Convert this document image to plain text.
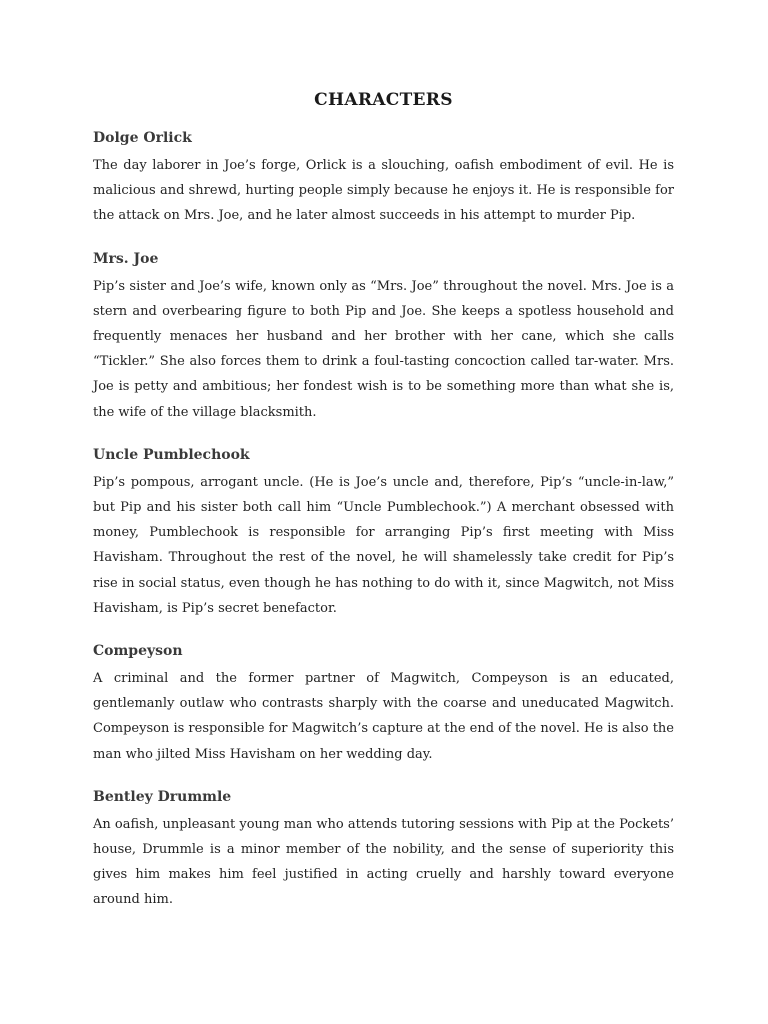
CHARACTERS
Dolge Orlick

The day laborer in Joe’s forge, Orlick is a slouching, oafish embodiment of evil. He is malicious and shrewd, hurting people simply because he enjoys it. He is responsible for the attack on Mrs. Joe, and he later almost succeeds in his attempt to murder Pip.

Mrs. Joe

Pip’s sister and Joe’s wife, known only as “Mrs. Joe” throughout the novel. Mrs. Joe is a stern and overbearing figure to both Pip and Joe. She keeps a spotless household and frequently menaces her husband and her brother with her cane, which she calls “Tickler.” She also forces them to drink a foul-tasting concoction called tar-water. Mrs. Joe is petty and ambitious; her fondest wish is to be something more than what she is, the wife of the village blacksmith.

Uncle Pumblechook

Pip’s pompous, arrogant uncle. (He is Joe’s uncle and, therefore, Pip’s “uncle-in-law,” but Pip and his sister both call him “Uncle Pumblechook.”) A merchant obsessed with money, Pumblechook is responsible for arranging Pip’s first meeting with Miss Havisham. Throughout the rest of the novel, he will shamelessly take credit for Pip’s rise in social status, even though he has nothing to do with it, since Magwitch, not Miss Havisham, is Pip’s secret benefactor.

Compeyson

A criminal and the former partner of Magwitch, Compeyson is an educated, gentlemanly outlaw who contrasts sharply with the coarse and uneducated Magwitch. Compeyson is responsible for Magwitch’s capture at the end of the novel. He is also the man who jilted Miss Havisham on her wedding day.

Bentley Drummle

An oafish, unpleasant young man who attends tutoring sessions with Pip at the Pockets’ house, Drummle is a minor member of the nobility, and the sense of superiority this gives him makes him feel justified in acting cruelly and harshly toward everyone around him.
